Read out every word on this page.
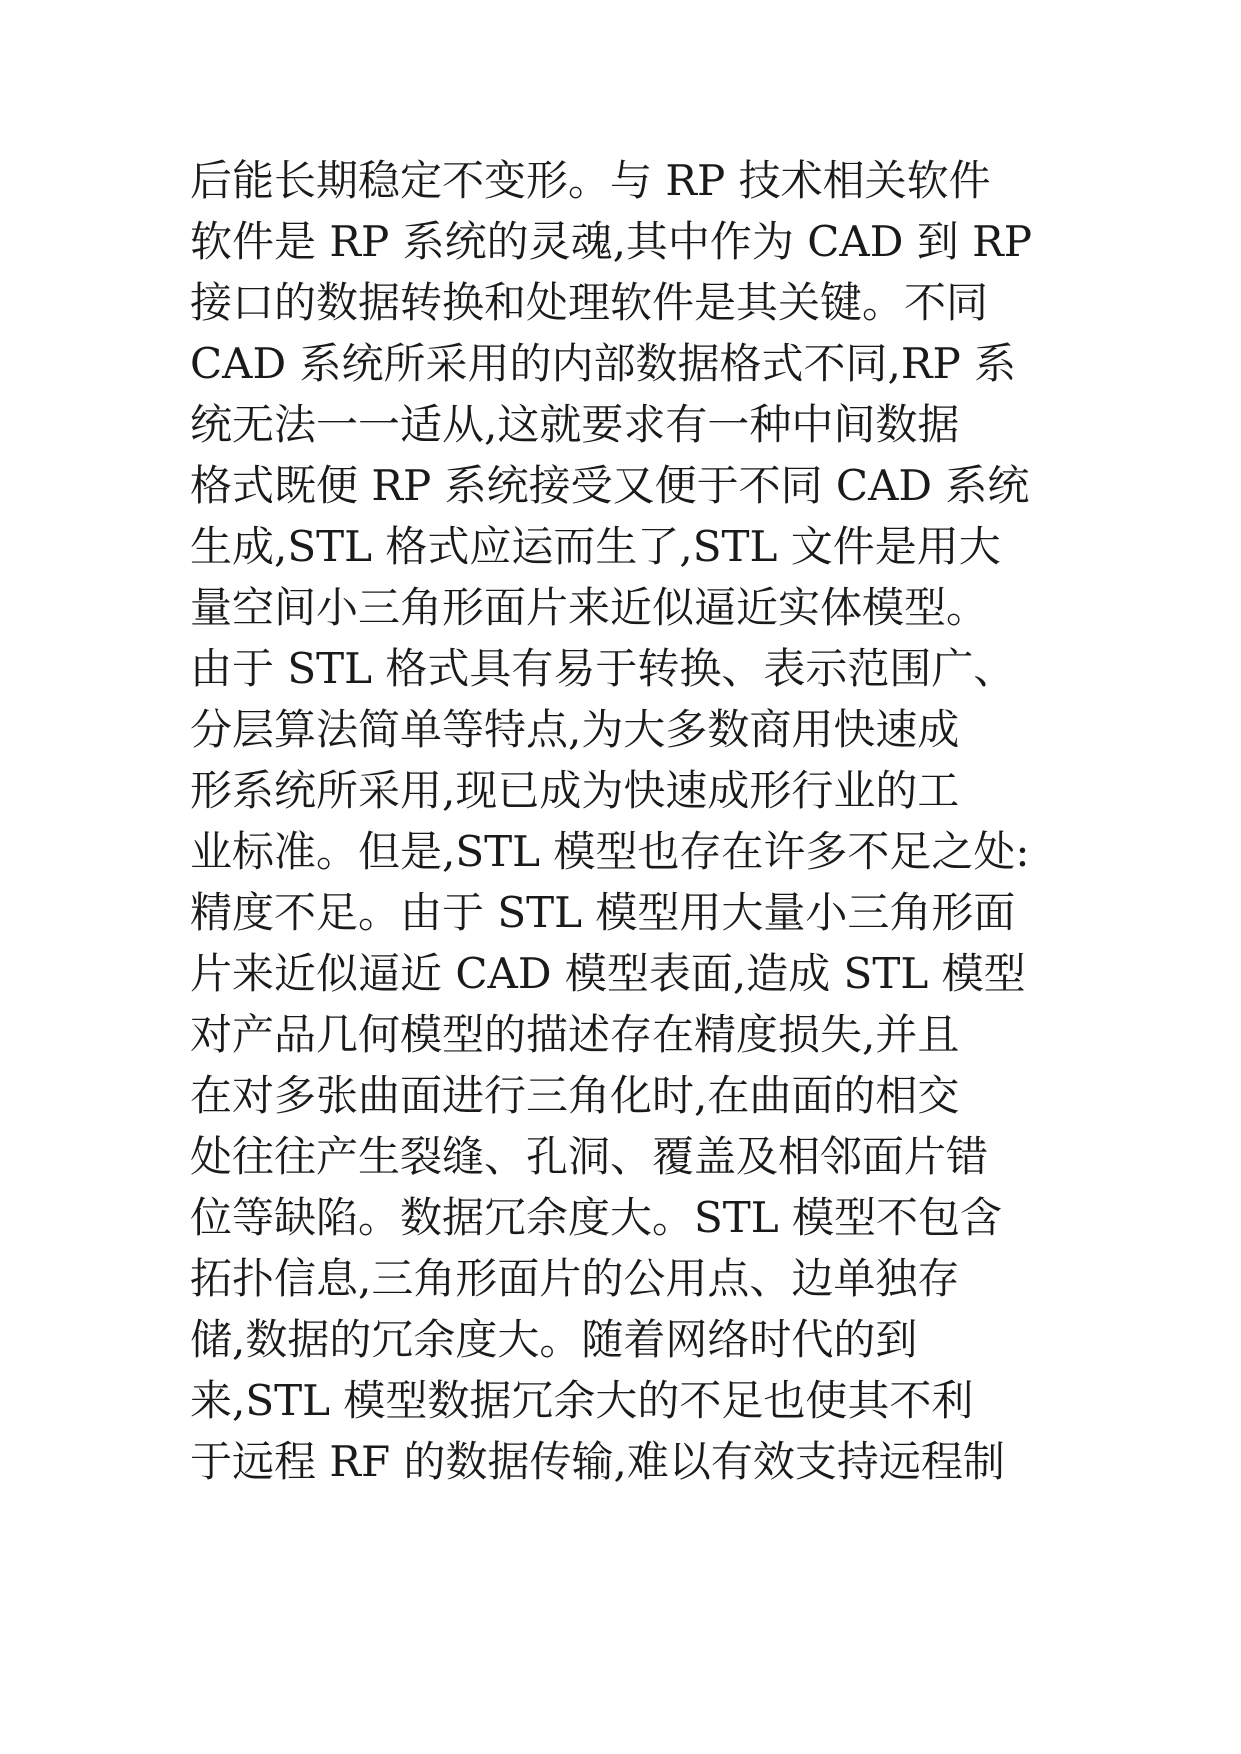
后能长期稳定不变形。与 RP 技术相关软件
软件是 RP 系统的灵魂,其中作为 CAD 到 RP
接口的数据转换和处理软件是其关键。不同
CAD 系统所采用的内部数据格式不同,RP 系
统无法一一适从,这就要求有一种中间数据
格式既便 RP 系统接受又便于不同 CAD 系统
生成,STL 格式应运而生了,STL 文件是用大
量空间小三角形面片来近似逼近实体模型。
由于 STL 格式具有易于转换、表示范围广、
分层算法简单等特点,为大多数商用快速成
形系统所采用,现已成为快速成形行业的工
业标准。但是,STL 模型也存在许多不足之处:
精度不足。由于 STL 模型用大量小三角形面
片来近似逼近 CAD 模型表面,造成 STL 模型
对产品几何模型的描述存在精度损失,并且
在对多张曲面进行三角化时,在曲面的相交
处往往产生裂缝、孔洞、覆盖及相邻面片错
位等缺陷。数据冗余度大。STL 模型不包含
拓扑信息,三角形面片的公用点、边单独存
储,数据的冗余度大。随着网络时代的到
来,STL 模型数据冗余大的不足也使其不利
于远程 RF 的数据传输,难以有效支持远程制
